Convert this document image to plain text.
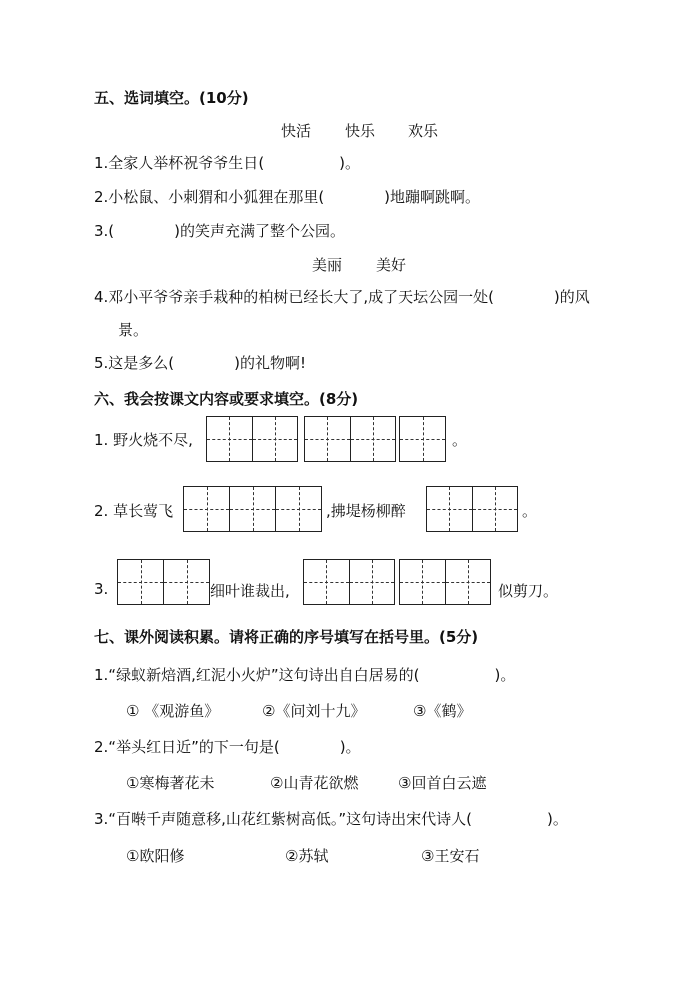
五、选词填空。(10分)
快活 快乐 欢乐
1.全家人举杯祝爷爷生日(　　　　　)。
2.小松鼠、小刺猬和小狐狸在那里(　　　　)地蹦啊跳啊。
3.(　　　　)的笑声充满了整个公园。
美丽 美好
4.邓小平爷爷亲手栽种的柏树已经长大了,成了天坛公园一处(　　　　)的风
景。
5.这是多么(　　　　)的礼物啊!
六、我会按课文内容或要求填空。(8分)
1. 野火烧不尽,	。
2. 草长莺飞	,拂堤杨柳醉	。
3.	细叶谁裁出,	似剪刀。
七、课外阅读积累。请将正确的序号填写在括号里。(5分)
1.“绿蚁新焙酒,红泥小火炉”这句诗出自白居易的(　　　　　)。
① 《观游鱼》	②《问刘十九》	③《鹤》
2.“举头红日近”的下一句是(　　　　)。
①寒梅著花未	②山青花欲燃	③回首白云遮
3.“百啭千声随意移,山花红紫树高低。”这句诗出宋代诗人(　　　　　)。
①欧阳修	②苏轼	③王安石
